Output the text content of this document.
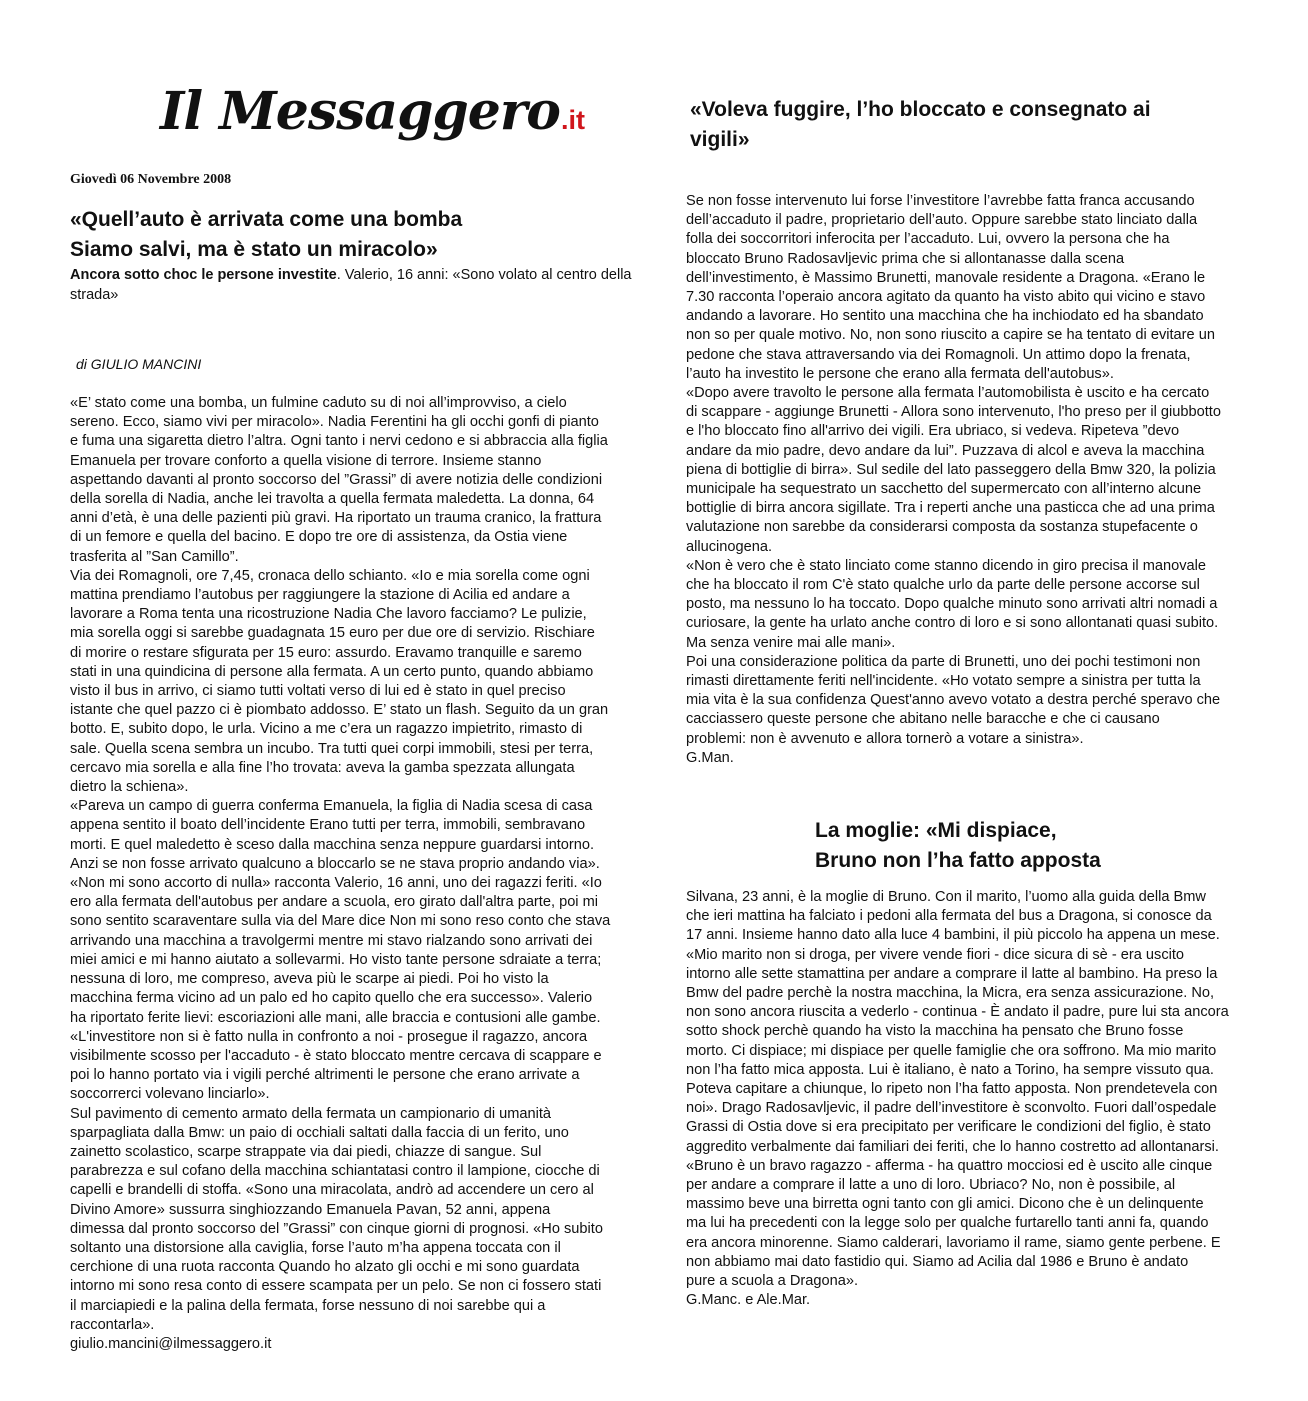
Il Messaggero.it
Giovedì 06 Novembre 2008
«Quell’auto è arrivata come una bomba
Siamo salvi, ma è stato un miracolo»
Ancora sotto choc le persone investite. Valerio, 16 anni: «Sono volato al centro della strada»
di GIULIO MANCINI
«E’ stato come una bomba, un fulmine caduto su di noi all’improvviso, a cielo
sereno. Ecco, siamo vivi per miracolo». Nadia Ferentini ha gli occhi gonfi di pianto
e fuma una sigaretta dietro l’altra. Ogni tanto i nervi cedono e si abbraccia alla figlia
Emanuela per trovare conforto a quella visione di terrore. Insieme stanno
aspettando davanti al pronto soccorso del ”Grassi” di avere notizia delle condizioni
della sorella di Nadia, anche lei travolta a quella fermata maledetta. La donna, 64
anni d’età, è una delle pazienti più gravi. Ha riportato un trauma cranico, la frattura
di un femore e quella del bacino. E dopo tre ore di assistenza, da Ostia viene
trasferita al ”San Camillo”.
Via dei Romagnoli, ore 7,45, cronaca dello schianto. «Io e mia sorella come ogni
mattina prendiamo l’autobus per raggiungere la stazione di Acilia ed andare a
lavorare a Roma tenta una ricostruzione Nadia Che lavoro facciamo? Le pulizie,
mia sorella oggi si sarebbe guadagnata 15 euro per due ore di servizio. Rischiare
di morire o restare sfigurata per 15 euro: assurdo. Eravamo tranquille e saremo
stati in una quindicina di persone alla fermata. A un certo punto, quando abbiamo
visto il bus in arrivo, ci siamo tutti voltati verso di lui ed è stato in quel preciso
istante che quel pazzo ci è piombato addosso. E’ stato un flash. Seguito da un gran
botto. E, subito dopo, le urla. Vicino a me c’era un ragazzo impietrito, rimasto di
sale. Quella scena sembra un incubo. Tra tutti quei corpi immobili, stesi per terra,
cercavo mia sorella e alla fine l’ho trovata: aveva la gamba spezzata allungata
dietro la schiena».
«Pareva un campo di guerra conferma Emanuela, la figlia di Nadia scesa di casa
appena sentito il boato dell’incidente Erano tutti per terra, immobili, sembravano
morti. E quel maledetto è sceso dalla macchina senza neppure guardarsi intorno.
Anzi se non fosse arrivato qualcuno a bloccarlo se ne stava proprio andando via».
«Non mi sono accorto di nulla» racconta Valerio, 16 anni, uno dei ragazzi feriti. «Io
ero alla fermata dell'autobus per andare a scuola, ero girato dall'altra parte, poi mi
sono sentito scaraventare sulla via del Mare dice Non mi sono reso conto che stava
arrivando una macchina a travolgermi mentre mi stavo rialzando sono arrivati dei
miei amici e mi hanno aiutato a sollevarmi. Ho visto tante persone sdraiate a terra;
nessuna di loro, me compreso, aveva più le scarpe ai piedi. Poi ho visto la
macchina ferma vicino ad un palo ed ho capito quello che era successo». Valerio
ha riportato ferite lievi: escoriazioni alle mani, alle braccia e contusioni alle gambe.
«L'investitore non si è fatto nulla in confronto a noi - prosegue il ragazzo, ancora
visibilmente scosso per l'accaduto - è stato bloccato mentre cercava di scappare e
poi lo hanno portato via i vigili perché altrimenti le persone che erano arrivate a
soccorrerci volevano linciarlo».
Sul pavimento di cemento armato della fermata un campionario di umanità
sparpagliata dalla Bmw: un paio di occhiali saltati dalla faccia di un ferito, uno
zainetto scolastico, scarpe strappate via dai piedi, chiazze di sangue. Sul
parabrezza e sul cofano della macchina schiantatasi contro il lampione, ciocche di
capelli e brandelli di stoffa. «Sono una miracolata, andrò ad accendere un cero al
Divino Amore» sussurra singhiozzando Emanuela Pavan, 52 anni, appena
dimessa dal pronto soccorso del ”Grassi” con cinque giorni di prognosi. «Ho subito
soltanto una distorsione alla caviglia, forse l’auto m’ha appena toccata con il
cerchione di una ruota racconta Quando ho alzato gli occhi e mi sono guardata
intorno mi sono resa conto di essere scampata per un pelo. Se non ci fossero stati
il marciapiedi e la palina della fermata, forse nessuno di noi sarebbe qui a
raccontarla».
giulio.mancini@ilmessaggero.it
«Voleva fuggire, l’ho bloccato e consegnato ai
vigili»
Se non fosse intervenuto lui forse l’investitore l’avrebbe fatta franca accusando
dell’accaduto il padre, proprietario dell’auto. Oppure sarebbe stato linciato dalla
folla dei soccorritori inferocita per l’accaduto. Lui, ovvero la persona che ha
bloccato Bruno Radosavljevic prima che si allontanasse dalla scena
dell’investimento, è Massimo Brunetti, manovale residente a Dragona. «Erano le
7.30 racconta l’operaio ancora agitato da quanto ha visto abito qui vicino e stavo
andando a lavorare. Ho sentito una macchina che ha inchiodato ed ha sbandato
non so per quale motivo. No, non sono riuscito a capire se ha tentato di evitare un
pedone che stava attraversando via dei Romagnoli. Un attimo dopo la frenata,
l’auto ha investito le persone che erano alla fermata dell'autobus».
«Dopo avere travolto le persone alla fermata l’automobilista è uscito e ha cercato
di scappare - aggiunge Brunetti - Allora sono intervenuto, l'ho preso per il giubbotto
e l'ho bloccato fino all'arrivo dei vigili. Era ubriaco, si vedeva. Ripeteva ”devo
andare da mio padre, devo andare da lui”. Puzzava di alcol e aveva la macchina
piena di bottiglie di birra». Sul sedile del lato passeggero della Bmw 320, la polizia
municipale ha sequestrato un sacchetto del supermercato con all’interno alcune
bottiglie di birra ancora sigillate. Tra i reperti anche una pasticca che ad una prima
valutazione non sarebbe da considerarsi composta da sostanza stupefacente o
allucinogena.
«Non è vero che è stato linciato come stanno dicendo in giro precisa il manovale
che ha bloccato il rom C'è stato qualche urlo da parte delle persone accorse sul
posto, ma nessuno lo ha toccato. Dopo qualche minuto sono arrivati altri nomadi a
curiosare, la gente ha urlato anche contro di loro e si sono allontanati quasi subito.
Ma senza venire mai alle mani».
Poi una considerazione politica da parte di Brunetti, uno dei pochi testimoni non
rimasti direttamente feriti nell'incidente. «Ho votato sempre a sinistra per tutta la
mia vita è la sua confidenza Quest'anno avevo votato a destra perché speravo che
cacciassero queste persone che abitano nelle baracche e che ci causano
problemi: non è avvenuto e allora tornerò a votare a sinistra».
G.Man.
La moglie: «Mi dispiace,
Bruno non l’ha fatto apposta
Silvana, 23 anni, è la moglie di Bruno. Con il marito, l’uomo alla guida della Bmw
che ieri mattina ha falciato i pedoni alla fermata del bus a Dragona, si conosce da
17 anni. Insieme hanno dato alla luce 4 bambini, il più piccolo ha appena un mese.
«Mio marito non si droga, per vivere vende fiori - dice sicura di sè - era uscito
intorno alle sette stamattina per andare a comprare il latte al bambino. Ha preso la
Bmw del padre perchè la nostra macchina, la Micra, era senza assicurazione. No,
non sono ancora riuscita a vederlo - continua - È andato il padre, pure lui sta ancora
sotto shock perchè quando ha visto la macchina ha pensato che Bruno fosse
morto. Ci dispiace; mi dispiace per quelle famiglie che ora soffrono. Ma mio marito
non l’ha fatto mica apposta. Lui è italiano, è nato a Torino, ha sempre vissuto qua.
Poteva capitare a chiunque, lo ripeto non l’ha fatto apposta. Non prendetevela con
noi». Drago Radosavljevic, il padre dell’investitore è sconvolto. Fuori dall’ospedale
Grassi di Ostia dove si era precipitato per verificare le condizioni del figlio, è stato
aggredito verbalmente dai familiari dei feriti, che lo hanno costretto ad allontanarsi.
«Bruno è un bravo ragazzo - afferma - ha quattro mocciosi ed è uscito alle cinque
per andare a comprare il latte a uno di loro. Ubriaco? No, non è possibile, al
massimo beve una birretta ogni tanto con gli amici. Dicono che è un delinquente
ma lui ha precedenti con la legge solo per qualche furtarello tanti anni fa, quando
era ancora minorenne. Siamo calderari, lavoriamo il rame, siamo gente perbene. E
non abbiamo mai dato fastidio qui. Siamo ad Acilia dal 1986 e Bruno è andato
pure a scuola a Dragona».
G.Manc. e Ale.Mar.
